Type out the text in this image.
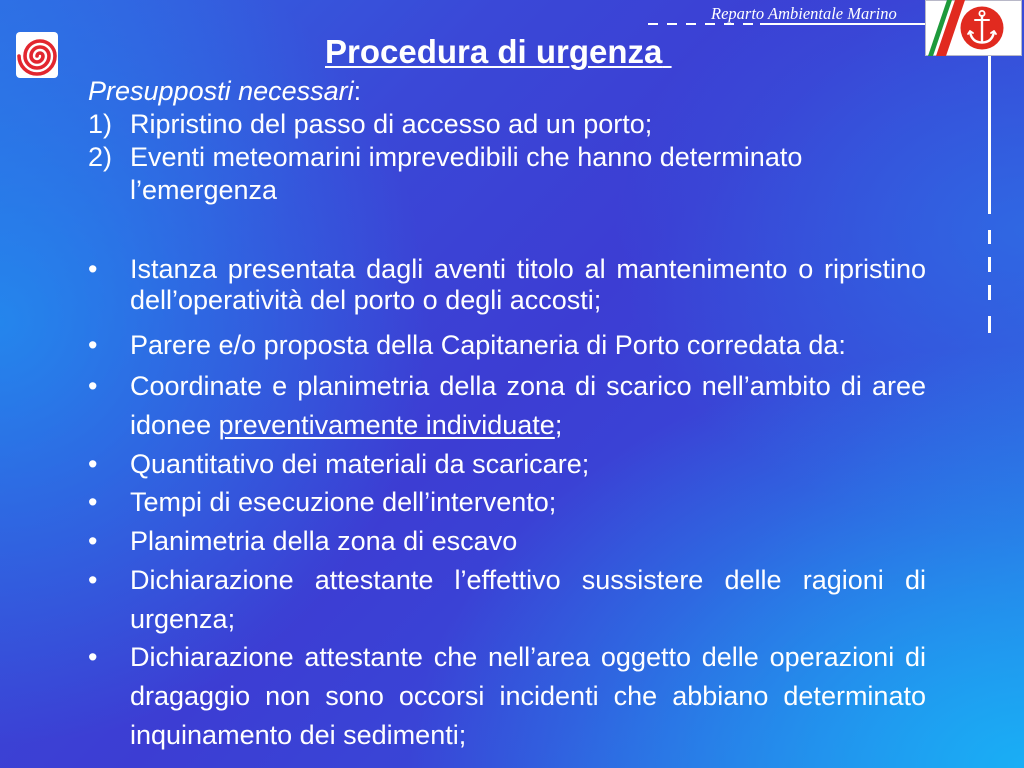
Reparto Ambientale Marino
Procedura di urgenza
Presupposti necessari:
1) Ripristino del passo di accesso ad un porto;
2) Eventi meteomarini imprevedibili che hanno determinato l’emergenza
• Istanza presentata dagli aventi titolo al mantenimento o ripristino dell’operatività del porto o degli accosti;
• Parere e/o proposta della Capitaneria di Porto corredata da:
• Coordinate e planimetria della zona di scarico nell’ambito di aree idonee preventivamente individuate;
• Quantitativo dei materiali da scaricare;
• Tempi di esecuzione dell’intervento;
• Planimetria della zona di escavo
• Dichiarazione attestante l’effettivo sussistere delle ragioni di urgenza;
• Dichiarazione attestante che nell’area oggetto delle operazioni di dragaggio non sono occorsi incidenti che abbiano determinato inquinamento dei sedimenti;
